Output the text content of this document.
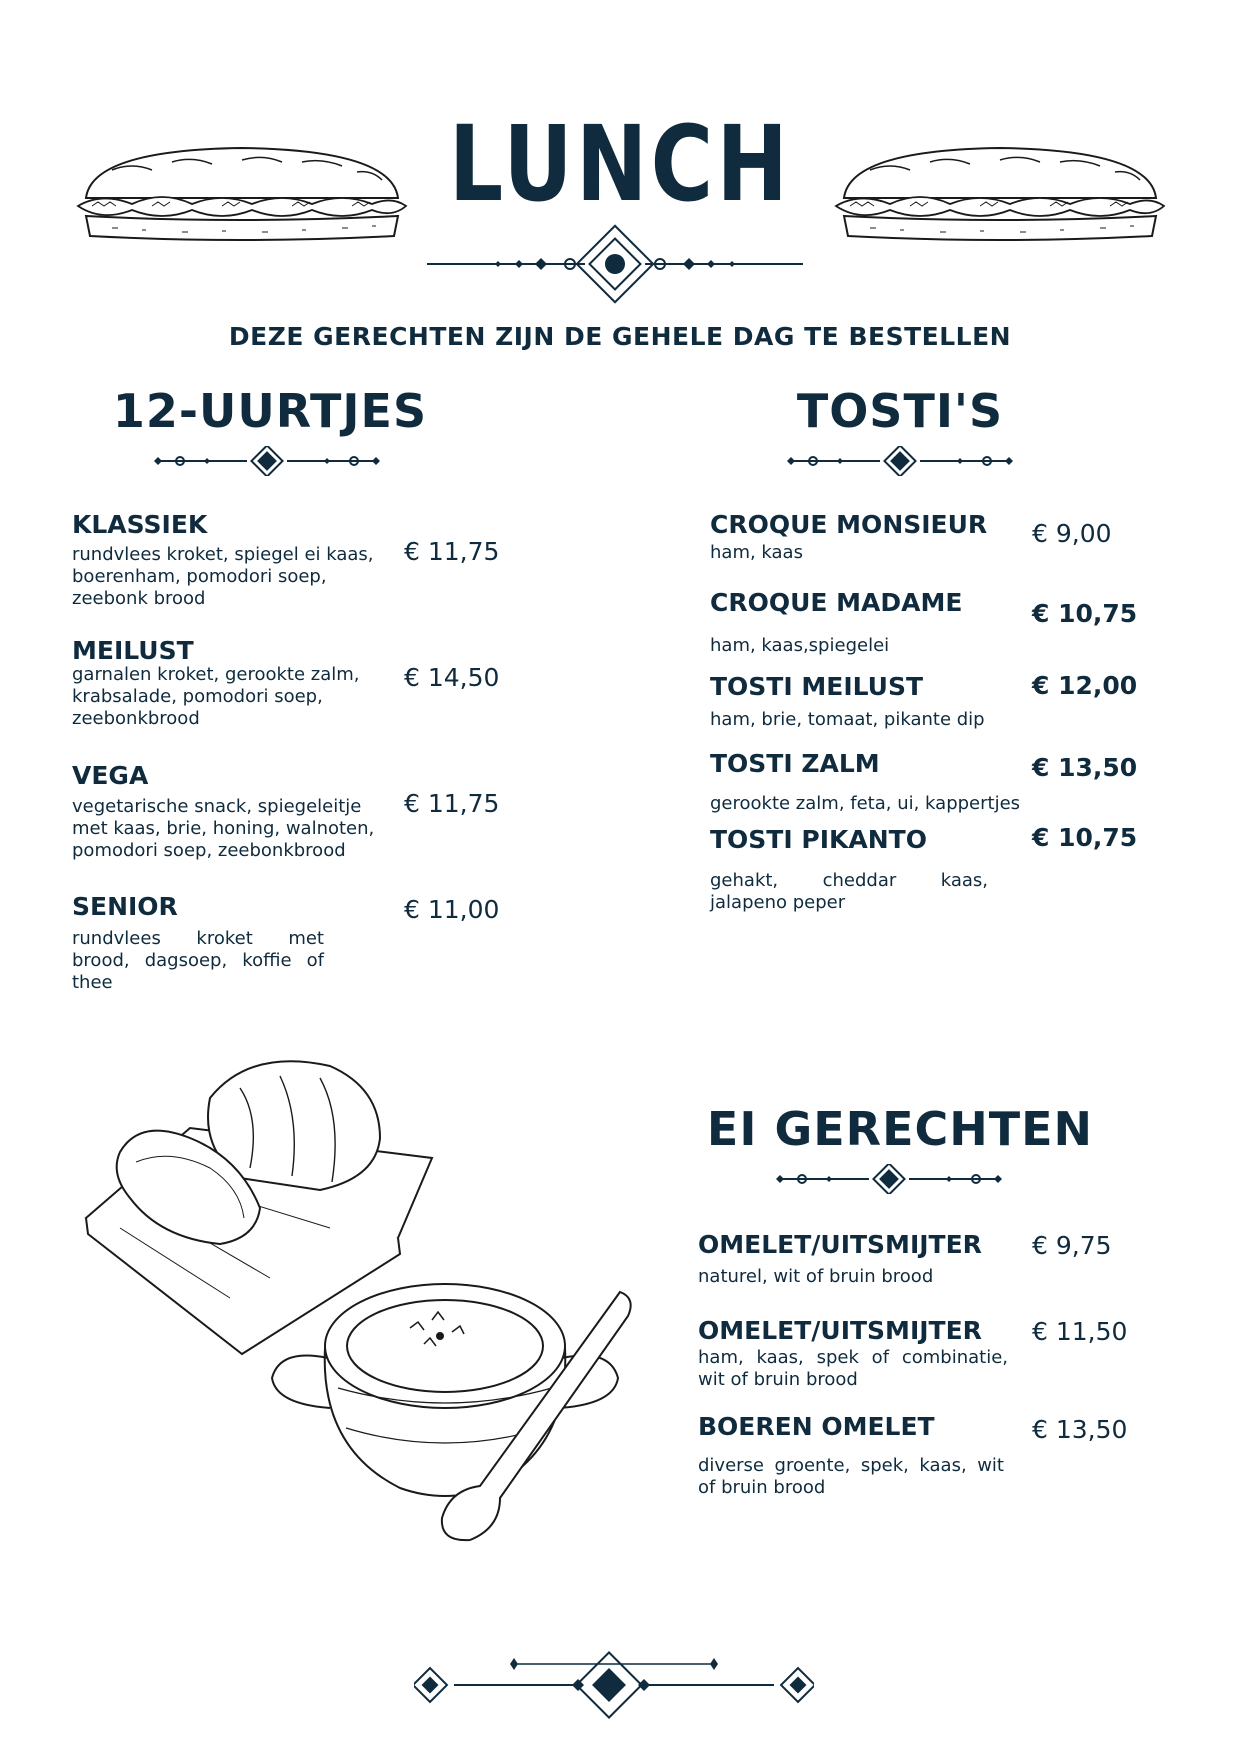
LUNCH
DEZE GERECHTEN ZIJN DE GEHELE DAG TE BESTELLEN
12-UURTJES
KLASSIEK
rundvlees kroket, spiegel ei kaas, boerenham, pomodori soep, zeebonk brood
€ 11,75
MEILUST
garnalen kroket, gerookte zalm, krabsalade, pomodori soep, zeebonkbrood
€ 14,50
VEGA
vegetarische snack, spiegeleitje met kaas, brie, honing, walnoten, pomodori soep, zeebonkbrood
€ 11,75
SENIOR
rundvlees kroket met brood, dagsoep, koffie of thee
€ 11,00
TOSTI'S
CROQUE MONSIEUR
ham, kaas
€ 9,00
CROQUE MADAME
ham, kaas,spiegelei
€ 10,75
TOSTI MEILUST
ham, brie, tomaat, pikante dip
€ 12,00
TOSTI ZALM
gerookte zalm, feta, ui, kappertjes
€ 13,50
TOSTI PIKANTO
gehakt, cheddar kaas, jalapeno peper
€ 10,75
EI GERECHTEN
OMELET/UITSMIJTER
naturel, wit of bruin brood
€ 9,75
OMELET/UITSMIJTER
ham, kaas, spek of combinatie, wit of bruin brood
€ 11,50
BOEREN OMELET
diverse groente, spek, kaas, wit of bruin brood
€ 13,50
